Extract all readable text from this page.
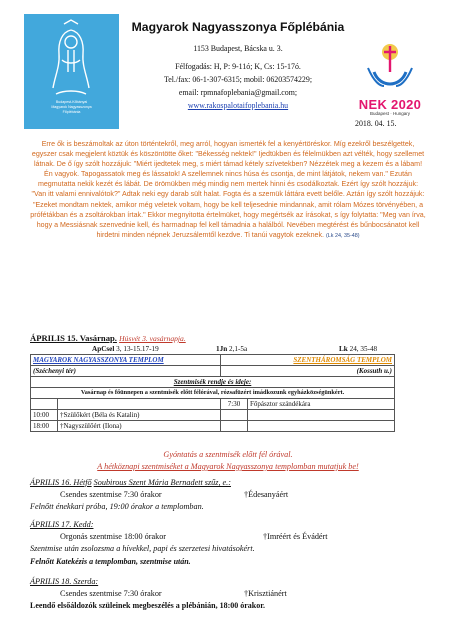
Budapest-Kőbányai
Magyarok Nagyasszonya
Főplébánia
Magyarok Nagyasszonya Főplébánia
1153 Budapest, Bácska u. 3.
Félfogadás: H, P: 9-11ó; K, Cs: 15-17ó.
Tel./fax: 06-1-307-6315; mobil: 06203574229;
email: rpmnafoplebania@gmail.com;
www.rakospalotaifoplebania.hu	NEK 2020
Budapest · Hungary
2018. 04. 15.

Erre ők is beszámoltak az úton történtekről, meg arról, hogyan ismerték fel a kenyértöréskor. Míg ezekről beszélgettek, egyszer csak megjelent köztük és köszöntötte őket: "Békesség nektek!" Ijedtükben és félelmükben azt vélték, hogy szellemet látnak. De ő így szólt hozzájuk: "Miért ijedtetek meg, s miért támad kétely szívetekben? Nézzétek meg a kezem és a lábam! Én vagyok. Tapogassatok meg és lássatok! A szellemnek nincs húsa és csontja, de mint látjátok, nekem van." Ezután megmutatta nekik kezét és lábát. De örömükben még mindig nem mertek hinni és csodálkoztak. Ezért így szólt hozzájuk: "Van itt valami ennivalótok?" Adtak neki egy darab sült halat. Fogta és a szemük láttára evett belőle. Aztán így szólt hozzájuk: "Ezeket mondtam nektek, amikor még veletek voltam, hogy be kell teljesednie mindannak, amit rólam Mózes törvényében, a prófétákban és a zsoltárokban írtak." Ekkor megnyitotta értelmüket, hogy megértsék az írásokat, s így folytatta: "Meg van írva, hogy a Messiásnak szenvednie kell, és harmadnap fel kell támadnia a halálból. Nevében megtérést és bűnbocsánatot kell hirdetni minden népnek Jeruzsálemtől kezdve. Ti tanúi vagytok ezeknek. (Lk 24, 35-48)

ÁPRILIS 15. Vasárnap. Húsvét 3. vasárnapja.
ApCsel 3, 13-15.17-19	1Jn 2,1-5a	Lk 24, 35-48
MAGYAROK NAGYASSZONYA TEMPLOM		SZENTHÁROMSÁG TEMPLOM	
(Széchenyi tér)		(Kossuth u.)	
Szentmisék rendje és ideje:			
Vasárnap és főünnepen a szentmisék előtt félórával, rózsafüzért imádkozunk egyházközségünkért.			
		7:30	Főpásztor szándékára
10:00	†Szülőkért (Béla és Katalin)		
18:00	†Nagyszülőért (Ilona)		
Gyóntatás a szentmisék előtt fél órával.
A hétköznapi szentmiséket a Magyarok Nagyasszonya templomban mutatjuk be!
ÁPRILIS 16. Hétfő Soubirous Szent Mária Bernadett szűz, e.:
Csendes szentmise 7:30 órakor	†Édesanyáért
Felnőtt énekkari próba, 19:00 órakor a templomban.
ÁPRILIS 17. Kedd:
Orgonás szentmise 18:00 órakor	†Imréért és Évádért
Szentmise után zsolozsma a hívekkel, papi és szerzetesi hivatásokért.
Felnőtt Katekézis a templomban, szentmise után.
ÁPRILIS 18. Szerda:
Csendes szentmise 7:30 órakor	†Krisztiánért
Leendő elsőáldozók szüleinek megbeszélés a plébánián, 18:00 órakor.
